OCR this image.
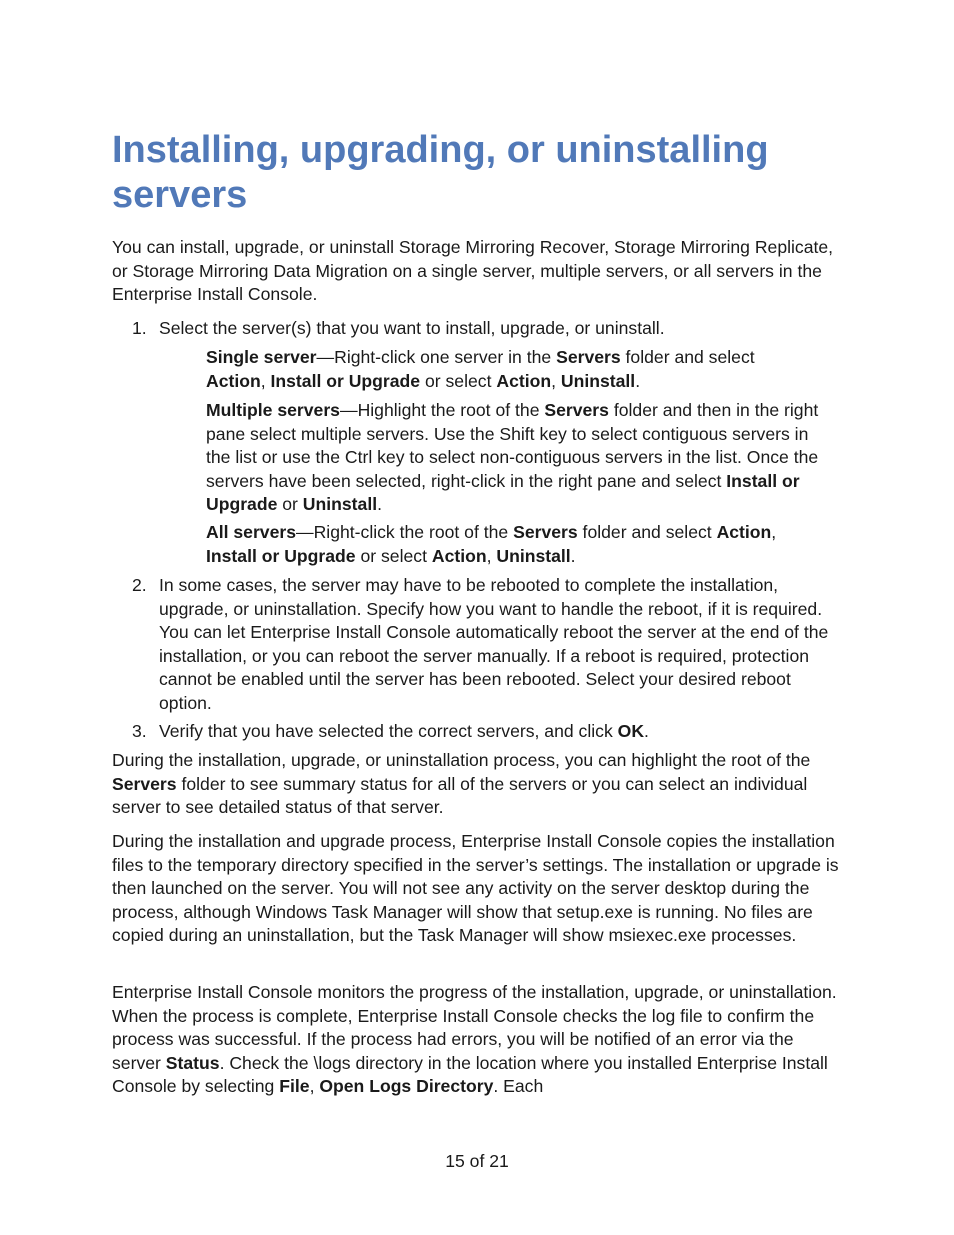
Installing, upgrading, or uninstalling servers

You can install, upgrade, or uninstall Storage Mirroring Recover, Storage Mirroring Replicate, or Storage Mirroring Data Migration on a single server, multiple servers, or all servers in the Enterprise Install Console.

1. Select the server(s) that you want to install, upgrade, or uninstall.

Single server—Right-click one server in the Servers folder and select
Action, Install or Upgrade or select Action, Uninstall.

Multiple servers—Highlight the root of the Servers folder and then in the right pane select multiple servers. Use the Shift key to select contiguous servers in the list or use the Ctrl key to select non-contiguous servers in the list. Once the servers have been selected, right-click in the right pane and select Install or Upgrade or Uninstall.

All servers—Right-click the root of the Servers folder and select Action,
Install or Upgrade or select Action, Uninstall.

2. In some cases, the server may have to be rebooted to complete the installation, upgrade, or uninstallation. Specify how you want to handle the reboot, if it is required. You can let Enterprise Install Console automatically reboot the server at the end of the installation, or you can reboot the server manually. If a reboot is required, protection cannot be enabled until the server has been rebooted. Select your desired reboot option.

3. Verify that you have selected the correct servers, and click OK.

During the installation, upgrade, or uninstallation process, you can highlight the root of the Servers folder to see summary status for all of the servers or you can select an individual server to see detailed status of that server.

During the installation and upgrade process, Enterprise Install Console copies the installation files to the temporary directory specified in the server’s settings. The installation or upgrade is then launched on the server. You will not see any activity on the server desktop during the process, although Windows Task Manager will show that setup.exe is running. No files are copied during an uninstallation, but the Task Manager will show msiexec.exe processes.

Enterprise Install Console monitors the progress of the installation, upgrade, or uninstallation. When the process is complete, Enterprise Install Console checks the log file to confirm the process was successful. If the process had errors, you will be notified of an error via the server Status. Check the \logs directory in the location where you installed Enterprise Install Console by selecting File, Open Logs Directory. Each

15 of 21
